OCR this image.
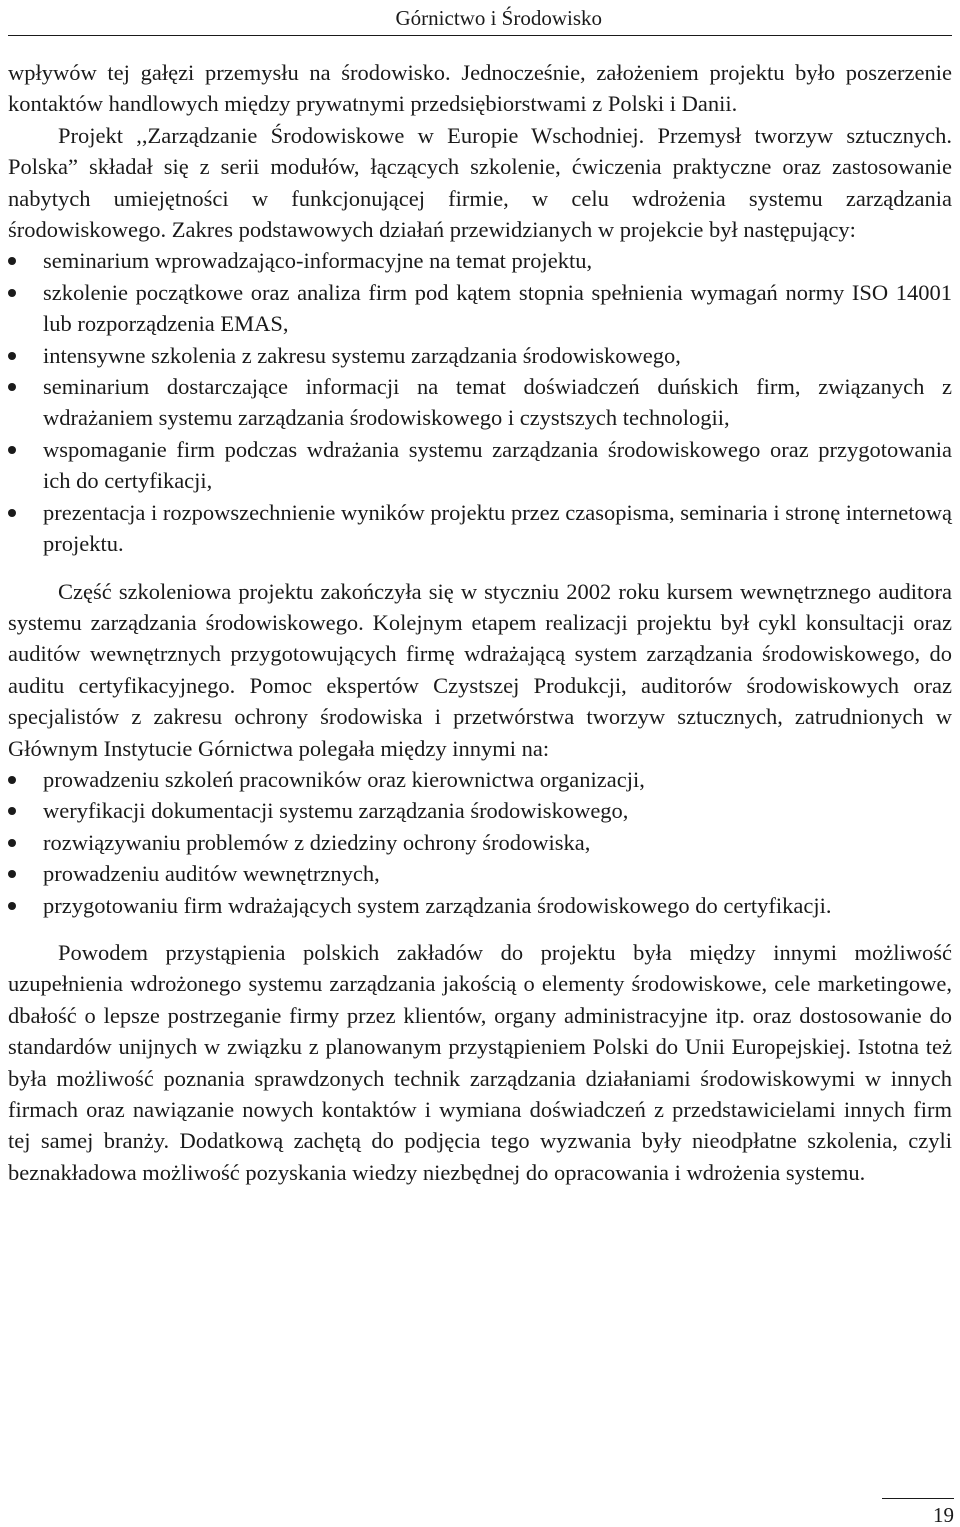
Górnictwo i Środowisko

wpływów tej gałęzi przemysłu na środowisko. Jednocześnie, założeniem projektu było poszerzenie kontaktów handlowych między prywatnymi przedsiębiorstwami z Polski i Danii.

Projekt ,,Zarządzanie Środowiskowe w Europie Wschodniej. Przemysł tworzyw sztucznych. Polska” składał się z serii modułów, łączących szkolenie, ćwiczenia praktyczne oraz zastosowanie nabytych umiejętności w funkcjonującej firmie, w celu wdrożenia systemu zarządzania środowiskowego. Zakres podstawowych działań przewidzianych w projekcie był następujący:

seminarium wprowadzająco-informacyjne na temat projektu,
szkolenie początkowe oraz analiza firm pod kątem stopnia spełnienia wymagań normy ISO 14001 lub rozporządzenia EMAS,
intensywne szkolenia z zakresu systemu zarządzania środowiskowego,
seminarium dostarczające informacji na temat doświadczeń duńskich firm, związanych z wdrażaniem systemu zarządzania środowiskowego i czystszych technologii,
wspomaganie firm podczas wdrażania systemu zarządzania środowiskowego oraz przygotowania ich do certyfikacji,
prezentacja i rozpowszechnienie wyników projektu przez czasopisma, seminaria i stronę internetową projektu.

Część szkoleniowa projektu zakończyła się w styczniu 2002 roku kursem wewnętrznego auditora systemu zarządzania środowiskowego. Kolejnym etapem realizacji projektu był cykl konsultacji oraz auditów wewnętrznych przygotowujących firmę wdrażającą system zarządzania środowiskowego, do auditu certyfikacyjnego. Pomoc ekspertów Czystszej Produkcji, auditorów środowiskowych oraz specjalistów z zakresu ochrony środowiska i przetwórstwa tworzyw sztucznych, zatrudnionych w Głównym Instytucie Górnictwa polegała między innymi na:

prowadzeniu szkoleń pracowników oraz kierownictwa organizacji,
weryfikacji dokumentacji systemu zarządzania środowiskowego,
rozwiązywaniu problemów z dziedziny ochrony środowiska,
prowadzeniu auditów wewnętrznych,
przygotowaniu firm wdrażających system zarządzania środowiskowego do certyfikacji.

Powodem przystąpienia polskich zakładów do projektu była między innymi możliwość uzupełnienia wdrożonego systemu zarządzania jakością o elementy środowiskowe, cele marketingowe, dbałość o lepsze postrzeganie firmy przez klientów, organy administracyjne itp. oraz dostosowanie do standardów unijnych w związku z planowanym przystąpieniem Polski do Unii Europejskiej. Istotna też była możliwość poznania sprawdzonych technik zarządzania działaniami środowiskowymi w innych firmach oraz nawiązanie nowych kontaktów i wymiana doświadczeń z przedstawicielami innych firm tej samej branży. Dodatkową zachętą do podjęcia tego wyzwania były nieodpłatne szkolenia, czyli beznakładowa możliwość pozyskania wiedzy niezbędnej do opracowania i wdrożenia systemu.

19
